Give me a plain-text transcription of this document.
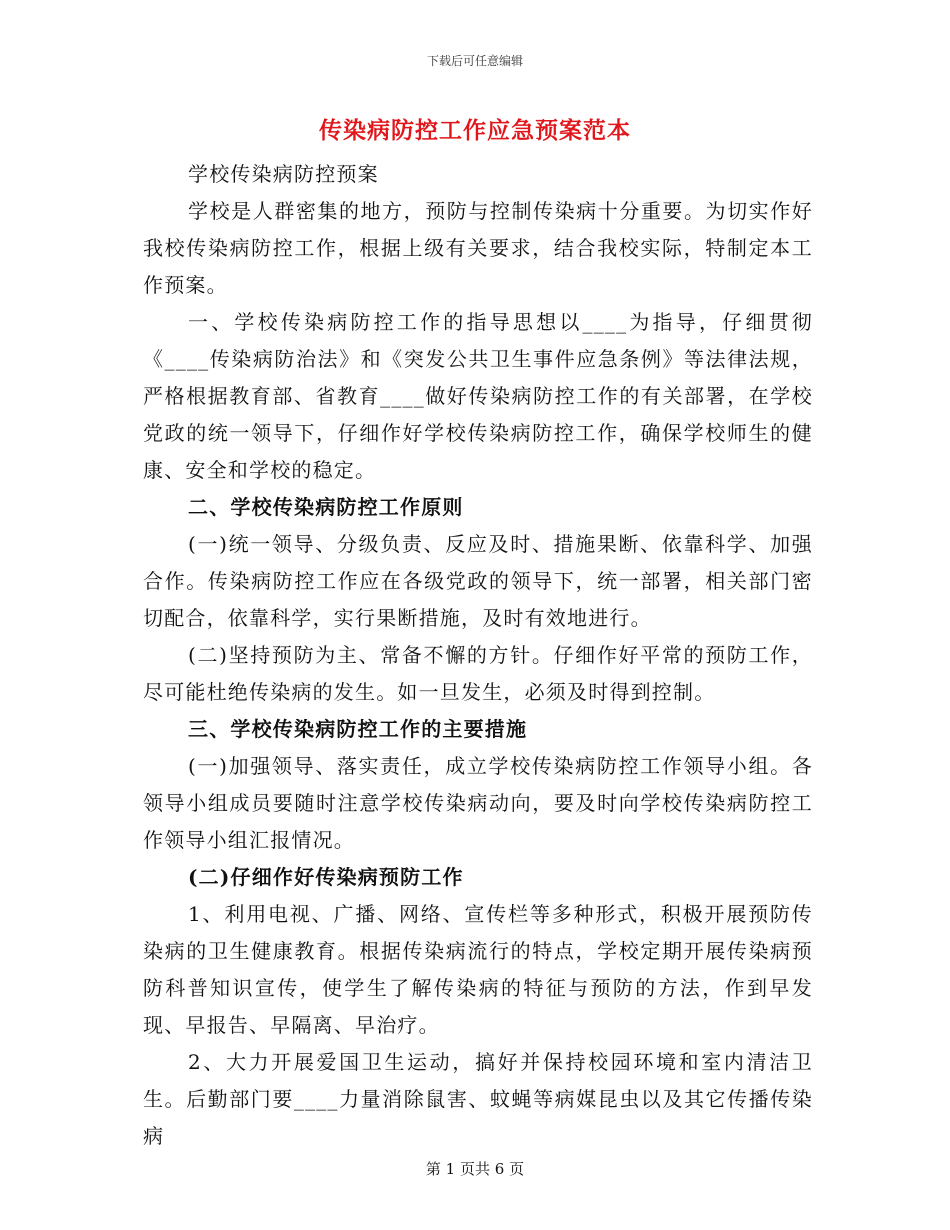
下载后可任意编辑
传染病防控工作应急预案范本

学校传染病防控预案

学校是人群密集的地方，预防与控制传染病十分重要。为切实作好我校传染病防控工作，根据上级有关要求，结合我校实际，特制定本工作预案。

一、学校传染病防控工作的指导思想以____为指导，仔细贯彻《____传染病防治法》和《突发公共卫生事件应急条例》等法律法规，严格根据教育部、省教育____做好传染病防控工作的有关部署，在学校党政的统一领导下，仔细作好学校传染病防控工作，确保学校师生的健康、安全和学校的稳定。

二、学校传染病防控工作原则

(一)统一领导、分级负责、反应及时、措施果断、依靠科学、加强合作。传染病防控工作应在各级党政的领导下，统一部署，相关部门密切配合，依靠科学，实行果断措施，及时有效地进行。

(二)坚持预防为主、常备不懈的方针。仔细作好平常的预防工作，尽可能杜绝传染病的发生。如一旦发生，必须及时得到控制。

三、学校传染病防控工作的主要措施

(一)加强领导、落实责任，成立学校传染病防控工作领导小组。各领导小组成员要随时注意学校传染病动向，要及时向学校传染病防控工作领导小组汇报情况。

(二)仔细作好传染病预防工作

1、利用电视、广播、网络、宣传栏等多种形式，积极开展预防传染病的卫生健康教育。根据传染病流行的特点，学校定期开展传染病预防科普知识宣传，使学生了解传染病的特征与预防的方法，作到早发现、早报告、早隔离、早治疗。

2、大力开展爱国卫生运动，搞好并保持校园环境和室内清洁卫生。后勤部门要____力量消除鼠害、蚊蝇等病媒昆虫以及其它传播传染病

第 1 页共 6 页
